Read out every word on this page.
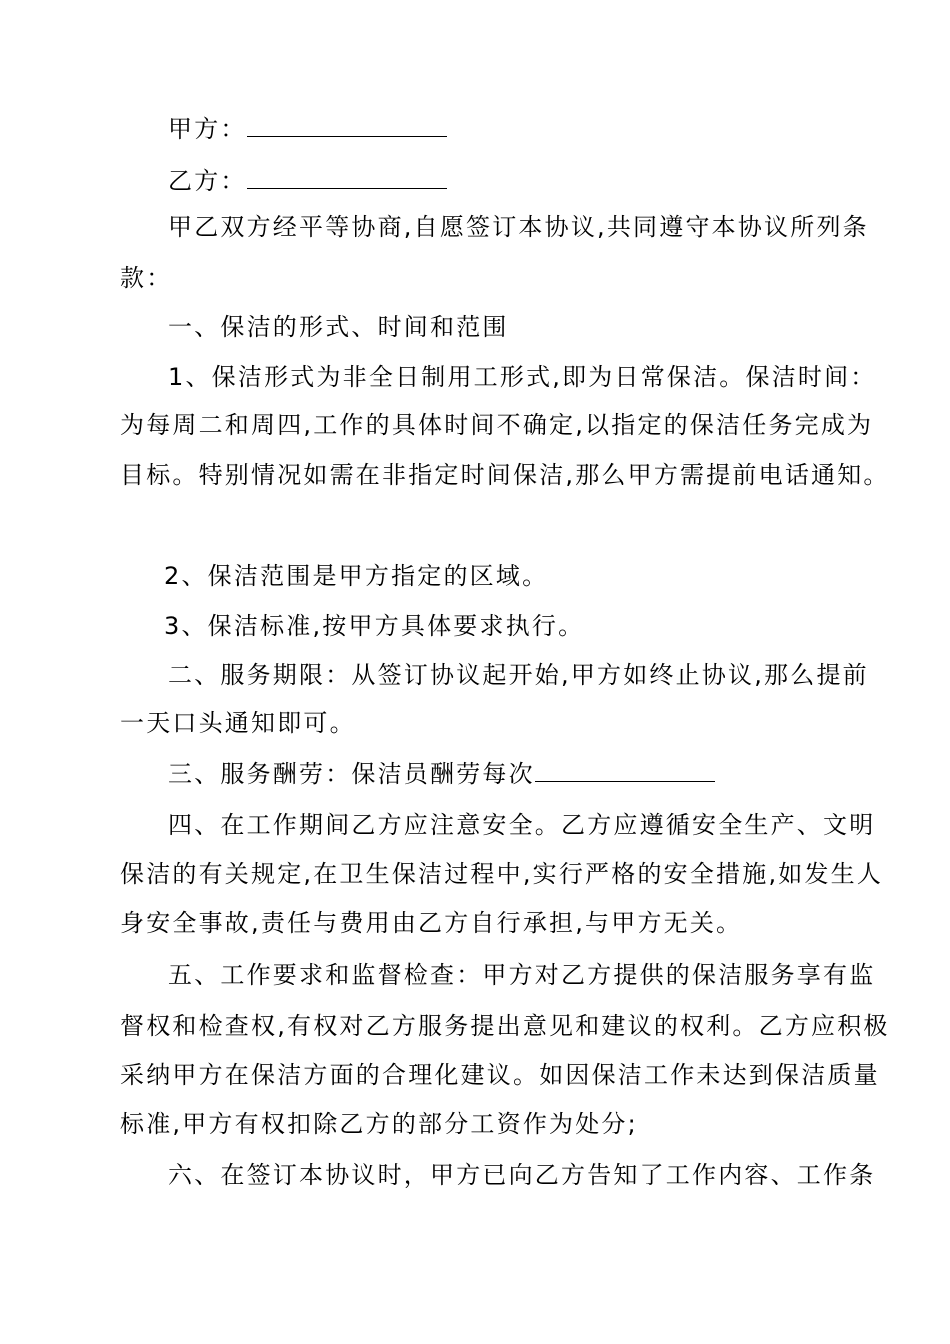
甲方：
乙方：
甲乙双方经平等协商,自愿签订本协议,共同遵守本协议所列条
款：
一、保洁的形式、时间和范围
1、保洁形式为非全日制用工形式,即为日常保洁。保洁时间：
为每周二和周四,工作的具体时间不确定,以指定的保洁任务完成为
目标。特别情况如需在非指定时间保洁,那么甲方需提前电话通知。
2、保洁范围是甲方指定的区域。
3、保洁标准,按甲方具体要求执行。
二、服务期限：从签订协议起开始,甲方如终止协议,那么提前
一天口头通知即可。
三、服务酬劳：保洁员酬劳每次
四、在工作期间乙方应注意安全。乙方应遵循安全生产、文明
保洁的有关规定,在卫生保洁过程中,实行严格的安全措施,如发生人
身安全事故,责任与费用由乙方自行承担,与甲方无关。
五、工作要求和监督检查：甲方对乙方提供的保洁服务享有监
督权和检查权,有权对乙方服务提出意见和建议的权利。乙方应积极
采纳甲方在保洁方面的合理化建议。如因保洁工作未达到保洁质量
标准,甲方有权扣除乙方的部分工资作为处分;
六、在签订本协议时，甲方已向乙方告知了工作内容、工作条
